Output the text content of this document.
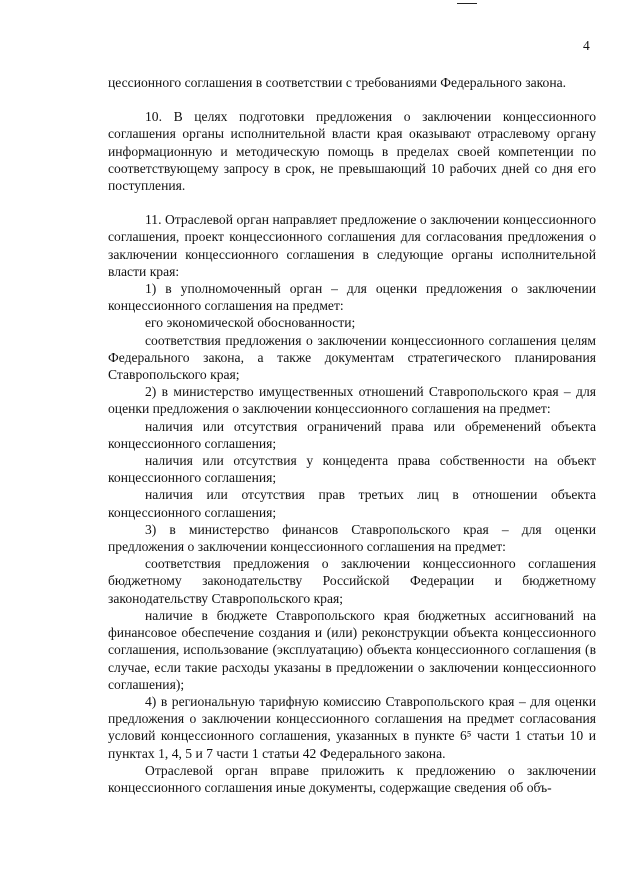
4

цессионного соглашения в соответствии с требованиями Федерального закона.

10. В целях подготовки предложения о заключении концессионного соглашения органы исполнительной власти края оказывают отраслевому органу информационную и методическую помощь в пределах своей компетенции по соответствующему запросу в срок, не превышающий 10 рабочих дней со дня его поступления.

11. Отраслевой орган направляет предложение о заключении концессионного соглашения, проект концессионного соглашения для согласования предложения о заключении концессионного соглашения в следующие органы исполнительной власти края:

1) в уполномоченный орган – для оценки предложения о заключении концессионного соглашения на предмет:

его экономической обоснованности;

соответствия предложения о заключении концессионного соглашения целям Федерального закона, а также документам стратегического планирования Ставропольского края;

2) в министерство имущественных отношений Ставропольского края – для оценки предложения о заключении концессионного соглашения на предмет:

наличия или отсутствия ограничений права или обременений объекта концессионного соглашения;

наличия или отсутствия у концедента права собственности на объект концессионного соглашения;

наличия или отсутствия прав третьих лиц в отношении объекта концессионного соглашения;

3) в министерство финансов Ставропольского края – для оценки предложения о заключении концессионного соглашения на предмет:

соответствия предложения о заключении концессионного соглашения бюджетному законодательству Российской Федерации и бюджетному законодательству Ставропольского края;

наличие в бюджете Ставропольского края бюджетных ассигнований на финансовое обеспечение создания и (или) реконструкции объекта концессионного соглашения, использование (эксплуатацию) объекта концессионного соглашения (в случае, если такие расходы указаны в предложении о заключении концессионного соглашения);

4) в региональную тарифную комиссию Ставропольского края – для оценки предложения о заключении концессионного соглашения на предмет согласования условий концессионного соглашения, указанных в пункте 6⁵ части 1 статьи 10 и пунктах 1, 4, 5 и 7 части 1 статьи 42 Федерального закона.

Отраслевой орган вправе приложить к предложению о заключении концессионного соглашения иные документы, содержащие сведения об объ-
